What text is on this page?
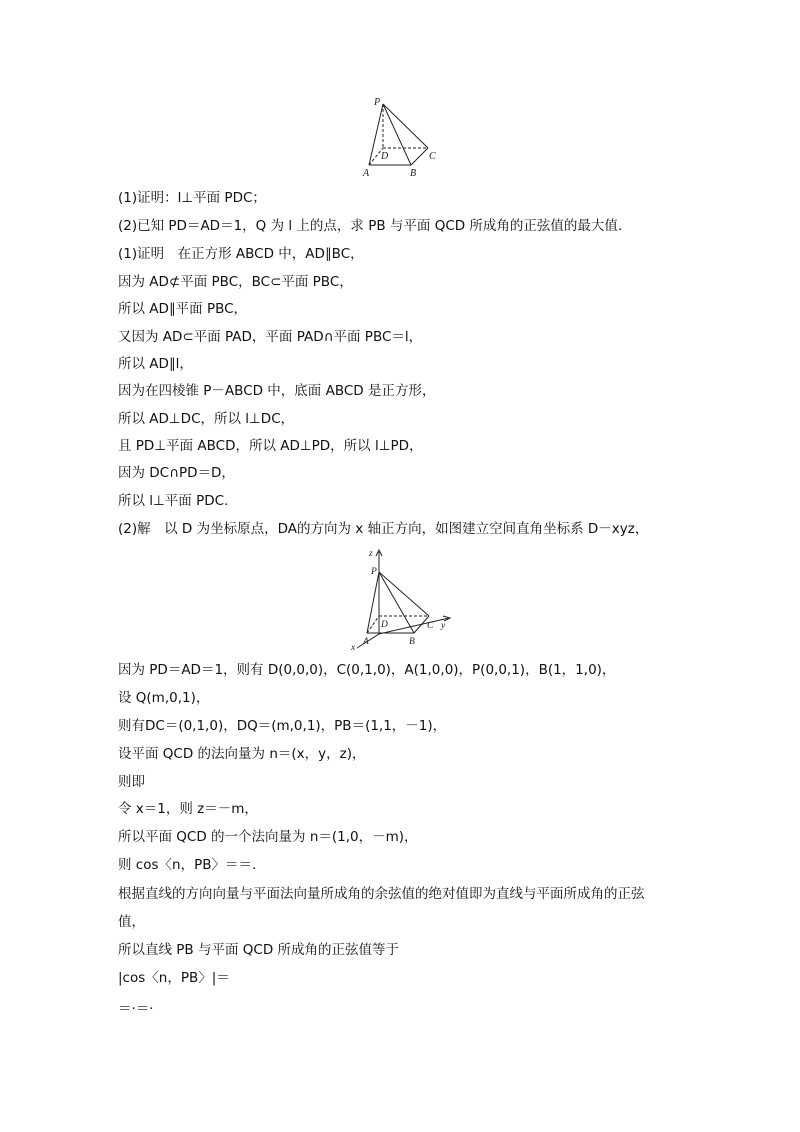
P
D	C
A	B
z
P
D	C y
x
A	B
(1)证明：l⊥平面 PDC；
(2)已知 PD＝AD＝1，Q 为 l 上的点，求 PB 与平面 QCD 所成角的正弦值的最大值.
(1)证明　在正方形 ABCD 中，AD∥BC，
因为 AD⊄平面 PBC，BC⊂平面 PBC，
所以 AD∥平面 PBC，
又因为 AD⊂平面 PAD，平面 PAD∩平面 PBC＝l，
所以 AD∥l，
因为在四棱锥 P－ABCD 中，底面 ABCD 是正方形，
所以 AD⊥DC，所以 l⊥DC，
且 PD⊥平面 ABCD，所以 AD⊥PD，所以 l⊥PD，
因为 DC∩PD＝D，
所以 l⊥平面 PDC.
(2)解　以 D 为坐标原点，DA的方向为 x 轴正方向，如图建立空间直角坐标系 D－xyz，
因为 PD＝AD＝1，则有 D(0,0,0)，C(0,1,0)，A(1,0,0)，P(0,0,1)，B(1，1,0)，
设 Q(m,0,1)，
则有DC＝(0,1,0)，DQ＝(m,0,1)，PB＝(1,1，－1)，
设平面 QCD 的法向量为 n＝(x，y，z)，
则即
令 x＝1，则 z＝－m，
所以平面 QCD 的一个法向量为 n＝(1,0，－m)，
则 cos〈n，PB〉＝＝.
根据直线的方向向量与平面法向量所成角的余弦值的绝对值即为直线与平面所成角的正弦
值，
所以直线 PB 与平面 QCD 所成角的正弦值等于
|cos〈n，PB〉|＝
＝·＝·
